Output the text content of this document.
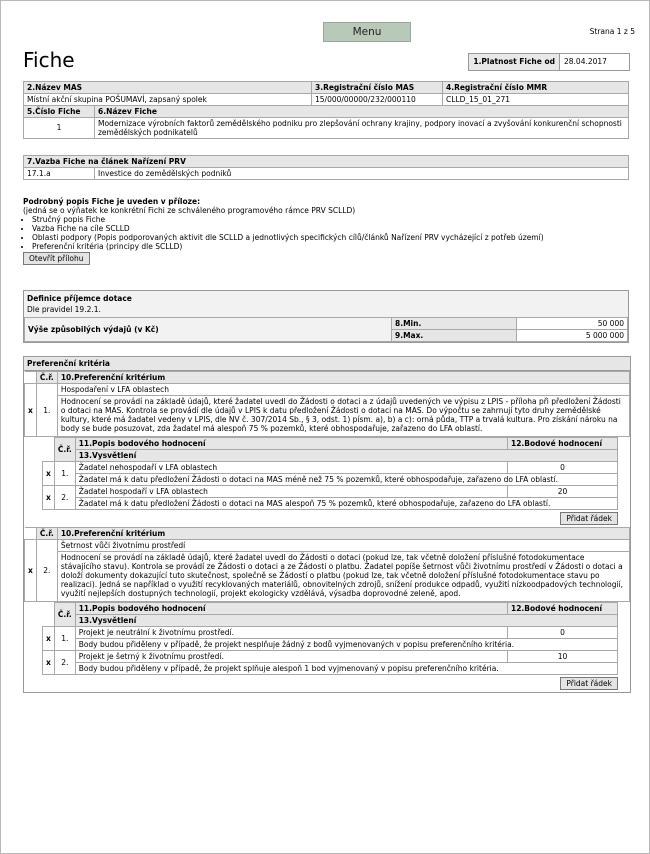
Menu	Strana 1 z 5
Fiche	1.Platnost Fiche od	28.04.2017
2.Název MAS	3.Registrační číslo MAS	4.Registrační číslo MMR
Místní akční skupina POŠUMAVÍ, zapsaný spolek	15/000/00000/232/000110	CLLD_15_01_271
5.Číslo Fiche	6.Název Fiche
1	Modernizace výrobních faktorů zemědělského podniku pro zlepšování ochrany krajiny, podpory inovací a zvyšování konkurenční schopnosti zemědělských podnikatelů
7.Vazba Fiche na článek Nařízení PRV
17.1.a	Investice do zemědělských podniků

Podrobný popis Fiche je uveden v příloze:

(jedná se o výňatek ke konkrétní Fichi ze schváleného programového rámce PRV SCLLD)

• Stručný popis Fiche
• Vazba Fiche na cíle SCLLD
• Oblasti podpory (Popis podporovaných aktivit dle SCLLD a jednotlivých specifických cílů/článků Nařízení PRV vycházející z potřeb území)
• Preferenční kritéria (principy dle SCLLD)
Otevřít přílohu
Definice příjemce dotace
Dle pravidel 19.2.1.
Výše způsobilých výdajů (v Kč)	8.Min.	50 000
	9.Max.	5 000 000
Preferenční kritéria
	Č.ř.	10.Preferenční kritérium
x	1.	Hospodaření v LFA oblastech
		Hodnocení se provádí na základě údajů, které žadatel uvedl do Žádosti o dotaci a z údajů uvedených ve výpisu z LPIS - příloha při předložení Žádosti o dotaci na MAS. Kontrola se provádí dle údajů v LPIS k datu předložení Žádosti o dotaci na MAS. Do výpočtu se zahrnují tyto druhy zemědělské kultury, které má žadatel vedeny v LPIS, dle NV č. 307/2014 Sb., § 3, odst. 1) písm. a), b) a c): orná půda, TTP a trvalá kultura. Pro získání nároku na body se bude posuzovat, zda žadatel má alespoň 75 % pozemků, které obhospodařuje, zařazeno do LFA oblastí.
	Č.ř.	11.Popis bodového hodnocení	12.Bodové hodnocení
		13.Vysvětlení	
x	1.	Žadatel nehospodaří v LFA oblastech	0
		Žadatel má k datu předložení Žádosti o dotaci na MAS méně než 75 % pozemků, které obhospodařuje, zařazeno do LFA oblastí.	
x	2.	Žadatel hospodaří v LFA oblastech	20
		Žadatel má k datu předložení Žádosti o dotaci na MAS alespoň 75 % pozemků, které obhospodařuje, zařazeno do LFA oblastí.	
Přidat řádek
	Č.ř.	10.Preferenční kritérium
x	2.	Šetrnost vůči životnímu prostředí
		Hodnocení se provádí na základě údajů, které žadatel uvedl do Žádosti o dotaci (pokud lze, tak včetně doložení příslušné fotodokumentace stávajícího stavu). Kontrola se provádí ze Žádosti o dotaci a ze Žádosti o platbu. Žadatel popíše šetrnost vůči životnímu prostředí v Žádosti o dotaci a doloží dokumenty dokazující tuto skutečnost, společně se Žádostí o platbu (pokud lze, tak včetně doložení příslušné fotodokumentace stavu po realizaci). Jedná se například o využití recyklovaných materiálů, obnovitelných zdrojů, snížení produkce odpadů, využití nízkoodpadových technologií, využití nejlepších dostupných technologií, projekt ekologicky vzdělává, výsadba doprovodné zeleně, apod.
	Č.ř.	11.Popis bodového hodnocení	12.Bodové hodnocení
		13.Vysvětlení	
x	1.	Projekt je neutrální k životnímu prostředí.	0
		Body budou přiděleny v případě, že projekt nesplňuje žádný z bodů vyjmenovaných v popisu preferenčního kritéria.	
x	2.	Projekt je šetrný k životnímu prostředí.	10
		Body budou přiděleny v případě, že projekt splňuje alespoň 1 bod vyjmenovaný v popisu preferenčního kritéria.	
Přidat řádek
